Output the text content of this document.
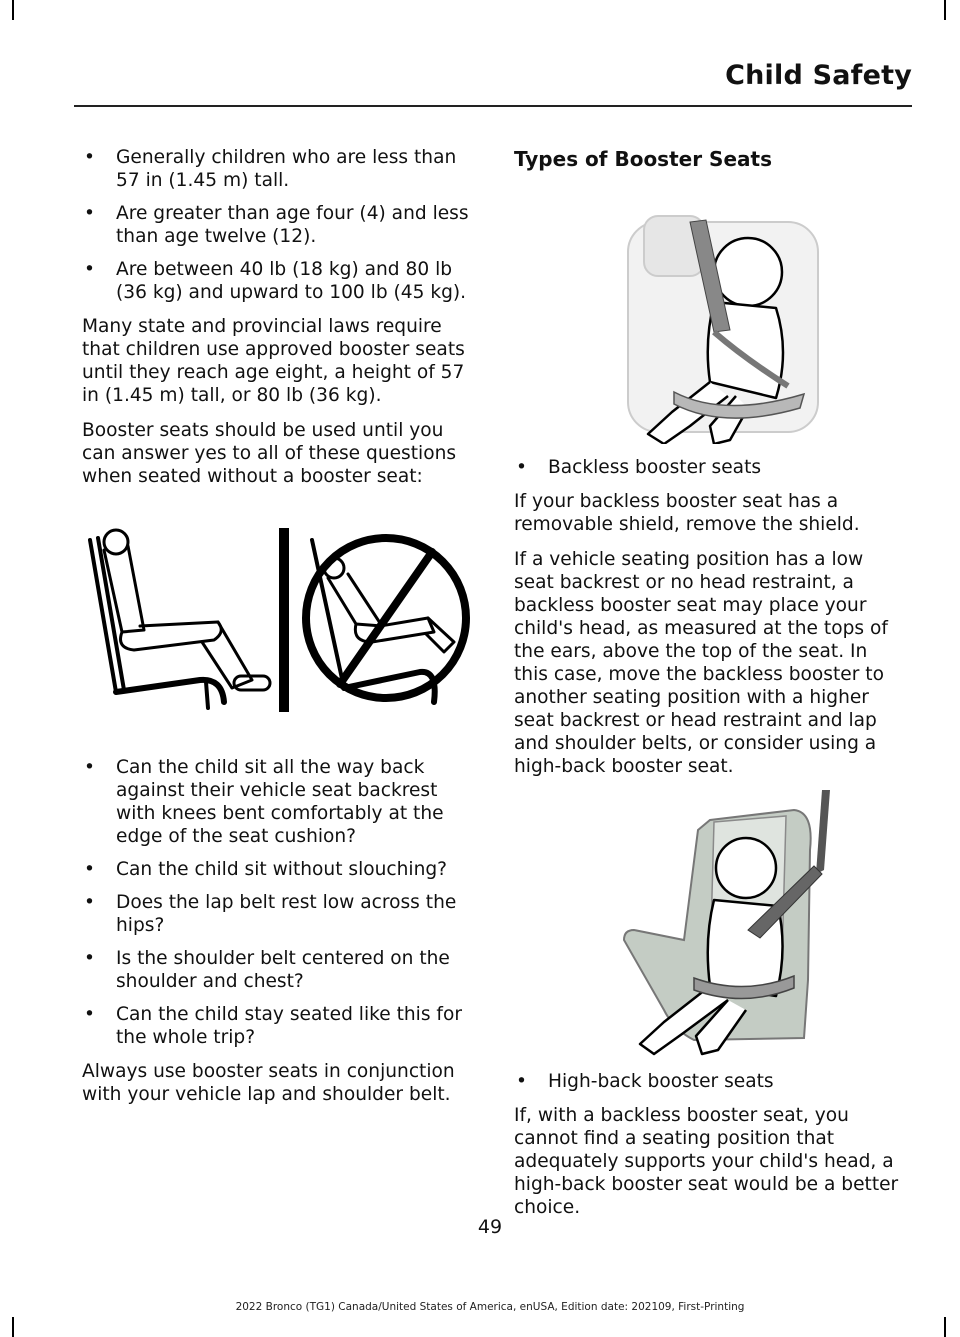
Child Safety
• Generally children who are less than 57 in (1.45 m) tall.
• Are greater than age four (4) and less than age twelve (12).
• Are between 40 lb (18 kg) and 80 lb (36 kg) and upward to 100 lb (45 kg).

Many state and provincial laws require that children use approved booster seats until they reach age eight, a height of 57 in (1.45 m) tall, or 80 lb (36 kg).

Booster seats should be used until you can answer yes to all of these questions when seated without a booster seat:

• Can the child sit all the way back against their vehicle seat backrest with knees bent comfortably at the edge of the seat cushion?
• Can the child sit without slouching?
• Does the lap belt rest low across the hips?
• Is the shoulder belt centered on the shoulder and chest?
• Can the child stay seated like this for the whole trip?

Always use booster seats in conjunction with your vehicle lap and shoulder belt.

Types of Booster Seats
• Backless booster seats

If your backless booster seat has a removable shield, remove the shield.

If a vehicle seating position has a low seat backrest or no head restraint, a backless booster seat may place your child's head, as measured at the tops of the ears, above the top of the seat. In this case, move the backless booster to another seating position with a higher seat backrest or head restraint and lap and shoulder belts, or consider using a high-back booster seat.

• High-back booster seats

If, with a backless booster seat, you cannot find a seating position that adequately supports your child's head, a high-back booster seat would be a better choice.

49
2022 Bronco (TG1) Canada/United States of America, enUSA, Edition date: 202109, First-Printing
